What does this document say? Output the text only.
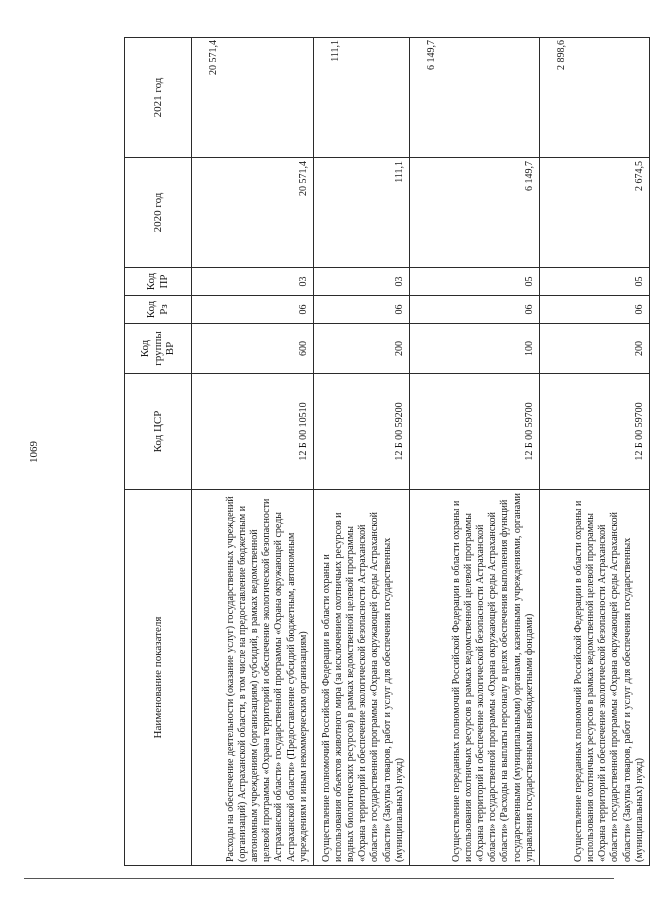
1069
Наименование показателя	Код ЦСР	Код группы ВР	Код Рз	Код ПР	2020 год	2021 год
Расходы на обеспечение деятельности (оказание услуг) государственных учреждений (организаций) Астраханской области, в том числе на предоставление бюджетным и автономным учреждениям (организациям) субсидий, в рамках ведомственной целевой программы «Охрана территорий и обеспечение экологической безопасности Астраханской области» государственной программы «Охрана окружающей среды Астраханской области» (Предоставление субсидий бюджетным, автономным учреждениям и иным некоммерческим организациям)	12 Б 00 10510	600	06	03	20 571,4	20 571,4
Осуществление полномочий Российской Федерации в области охраны и использования объектов животного мира (за исключением охотничьих ресурсов и водных биологических ресурсов) в рамках ведомственной целевой программы «Охрана территорий и обеспечение экологической безопасности Астраханской области» государственной программы «Охрана окружающей среды Астраханской области» (Закупка товаров, работ и услуг для обеспечения государственных (муниципальных) нужд)	12 Б 00 59200	200	06	03	111,1	111,1
Осуществление переданных полномочий Российской Федерации в области охраны и использования охотничьих ресурсов в рамках ведомственной целевой программы «Охрана территорий и обеспечение экологической безопасности Астраханской области» государственной программы «Охрана окружающей среды Астраханской области» (Расходы на выплаты персоналу в целях обеспечения выполнения функций государственными (муниципальными) органами, казенными учреждениями, органами управления государственными внебюджетными фондами)	12 Б 00 59700	100	06	05	6 149,7	6 149,7
Осуществление переданных полномочий Российской Федерации в области охраны и использования охотничьих ресурсов в рамках ведомственной целевой программы «Охрана территорий и обеспечение экологической безопасности Астраханской области» государственной программы «Охрана окружающей среды Астраханской области» (Закупка товаров, работ и услуг для обеспечения государственных (муниципальных) нужд)	12 Б 00 59700	200	06	05	2 674,5	2 898,6
